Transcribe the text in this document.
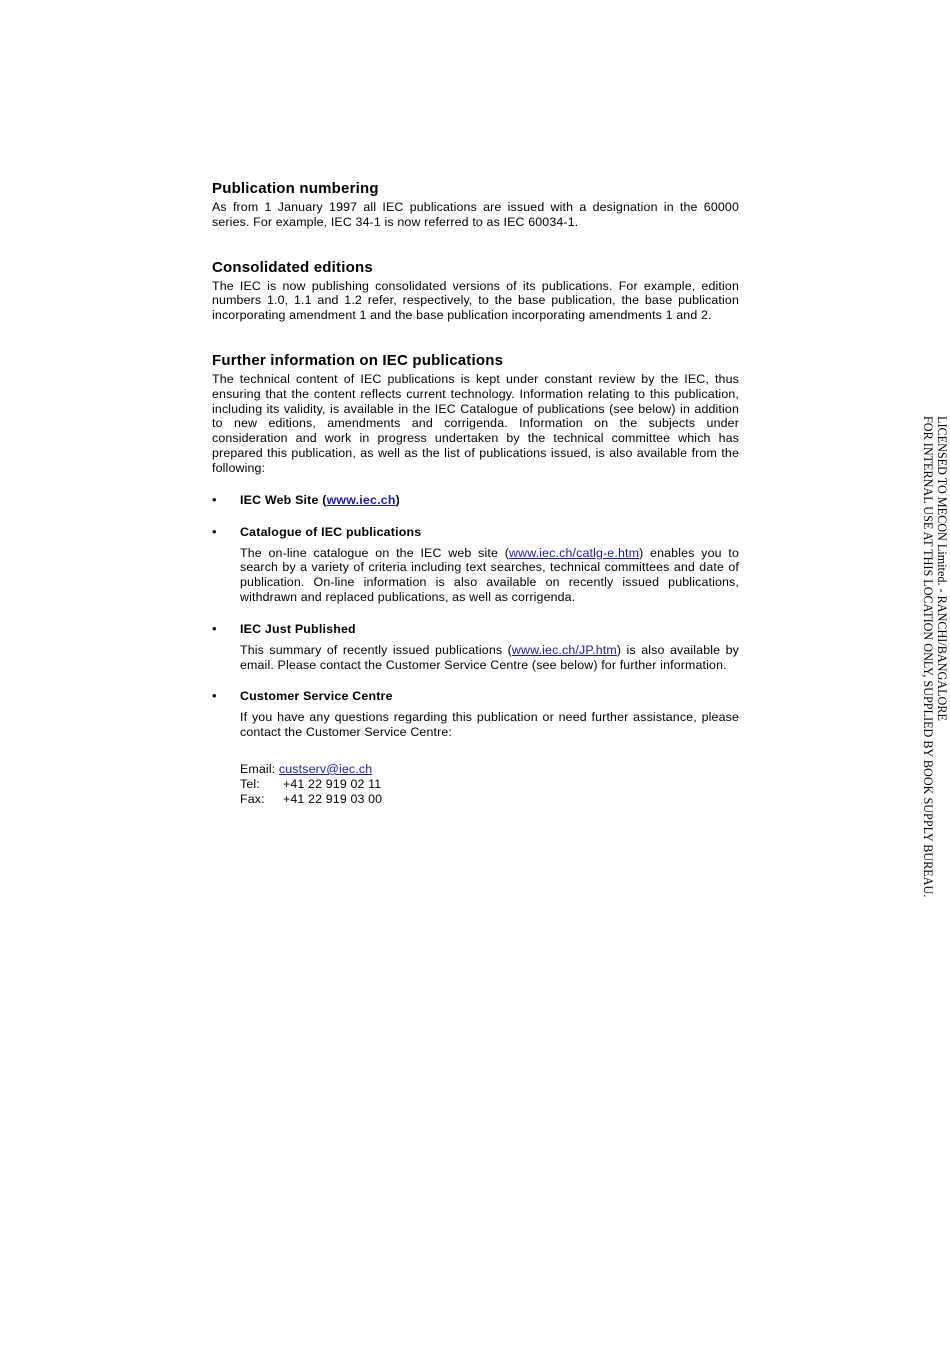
Publication numbering

As from 1 January 1997 all IEC publications are issued with a designation in the 60000 series. For example, IEC 34-1 is now referred to as IEC 60034-1.

Consolidated editions

The IEC is now publishing consolidated versions of its publications. For example, edition numbers 1.0, 1.1 and 1.2 refer, respectively, to the base publication, the base publication incorporating amendment 1 and the base publication incorporating amendments 1 and 2.

Further information on IEC publications

The technical content of IEC publications is kept under constant review by the IEC, thus ensuring that the content reflects current technology. Information relating to this publication, including its validity, is available in the IEC Catalogue of publications (see below) in addition to new editions, amendments and corrigenda. Information on the subjects under consideration and work in progress undertaken by the technical committee which has prepared this publication, as well as the list of publications issued, is also available from the following:

• IEC Web Site (www.iec.ch)
• Catalogue of IEC publications
The on-line catalogue on the IEC web site (www.iec.ch/catlg-e.htm) enables you to search by a variety of criteria including text searches, technical committees and date of publication. On-line information is also available on recently issued publications, withdrawn and replaced publications, as well as corrigenda.
• IEC Just Published
This summary of recently issued publications (www.iec.ch/JP.htm) is also available by email. Please contact the Customer Service Centre (see below) for further information.
• Customer Service Centre
If you have any questions regarding this publication or need further assistance, please contact the Customer Service Centre:
Email:
custserv@iec.ch
Tel:	+41 22 919 02 11
Fax:	+41 22 919 03 00
LICENSED TO MECON Limited. - RANCHI/BANGALORE
FOR INTERNAL USE AT THIS LOCATION ONLY, SUPPLIED BY BOOK SUPPLY BUREAU.
